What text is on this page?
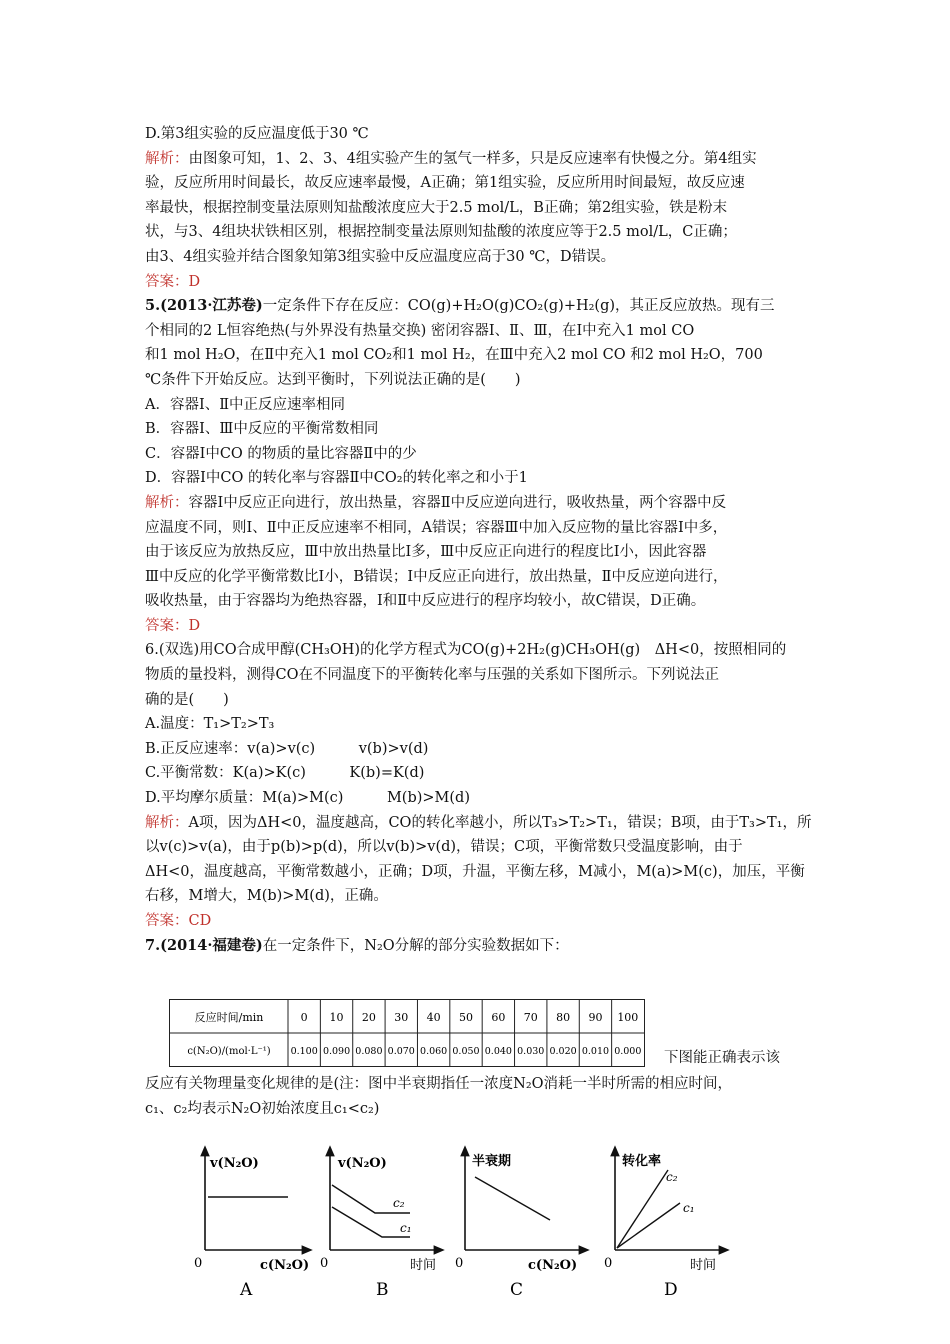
D.第3组实验的反应温度低于30 ℃
解析：由图象可知，1、2、3、4组实验产生的氢气一样多，只是反应速率有快慢之分。第4组实
验，反应所用时间最长，故反应速率最慢，A正确；第1组实验，反应所用时间最短，故反应速
率最快，根据控制变量法原则知盐酸浓度应大于2.5 mol/L，B正确；第2组实验，铁是粉末
状，与3、4组块状铁相区别，根据控制变量法原则知盐酸的浓度应等于2.5 mol/L，C正确；
由3、4组实验并结合图象知第3组实验中反应温度应高于30 ℃，D错误。
答案：D
5.(2013·江苏卷)一定条件下存在反应：CO(g)+H₂O(g)CO₂(g)+H₂(g)，其正反应放热。现有三
个相同的2 L恒容绝热(与外界没有热量交换) 密闭容器Ⅰ、Ⅱ、Ⅲ，在Ⅰ中充入1 mol CO
和1 mol H₂O，在Ⅱ中充入1 mol CO₂和1 mol H₂，在Ⅲ中充入2 mol CO 和2 mol H₂O，700
℃条件下开始反应。达到平衡时，下列说法正确的是(　　)
A．容器Ⅰ、Ⅱ中正反应速率相同
B．容器Ⅰ、Ⅲ中反应的平衡常数相同
C．容器Ⅰ中CO 的物质的量比容器Ⅱ中的少
D．容器Ⅰ中CO 的转化率与容器Ⅱ中CO₂的转化率之和小于1
解析：容器Ⅰ中反应正向进行，放出热量，容器Ⅱ中反应逆向进行，吸收热量，两个容器中反
应温度不同，则Ⅰ、Ⅱ中正反应速率不相同，A错误；容器Ⅲ中加入反应物的量比容器Ⅰ中多，
由于该反应为放热反应，Ⅲ中放出热量比Ⅰ多，Ⅲ中反应正向进行的程度比Ⅰ小，因此容器
Ⅲ中反应的化学平衡常数比Ⅰ小，B错误；Ⅰ中反应正向进行，放出热量，Ⅱ中反应逆向进行，
吸收热量，由于容器均为绝热容器，Ⅰ和Ⅱ中反应进行的程序均较小，故C错误，D正确。
答案：D
6.(双选)用CO合成甲醇(CH₃OH)的化学方程式为CO(g)+2H₂(g)CH₃OH(g)　ΔH<0，按照相同的
物质的量投料，测得CO在不同温度下的平衡转化率与压强的关系如下图所示。下列说法正
确的是(　　)
A.温度：T₁>T₂>T₃
B.正反应速率：v(a)>v(c)　　　v(b)>v(d)
C.平衡常数：K(a)>K(c)　　　K(b)=K(d)
D.平均摩尔质量：M(a)>M(c)　　　M(b)>M(d)
解析：A项，因为ΔH<0，温度越高，CO的转化率越小，所以T₃>T₂>T₁，错误；B项，由于T₃>T₁，所
以v(c)>v(a)，由于p(b)>p(d)，所以v(b)>v(d)，错误；C项，平衡常数只受温度影响，由于
ΔH<0，温度越高，平衡常数越小，正确；D项，升温，平衡左移，M减小，M(a)>M(c)，加压，平衡
右移，M增大，M(b)>M(d)，正确。
答案：CD
7.(2014·福建卷)在一定条件下，N₂O分解的部分实验数据如下：
反应时间/min
c(N₂O)/(mol·L⁻¹)
0 10 20 30 40 50 60 70 80 90 100
0.100 0.090 0.080 0.070 0.060 0.050 0.040 0.030 0.020 0.010 0.000 下图能正确表示该
反应有关物理量变化规律的是(注：图中半衰期指任一浓度N₂O消耗一半时所需的相应时间，
c₁、c₂均表示N₂O初始浓度且c₁<c₂)
v(N₂O)
c(N₂O)
0
A
v(N₂O)
c₂
c₁
时间
0
B
半衰期
c(N₂O)
0
C
转化率
c₂
c₁
时间
0
D
